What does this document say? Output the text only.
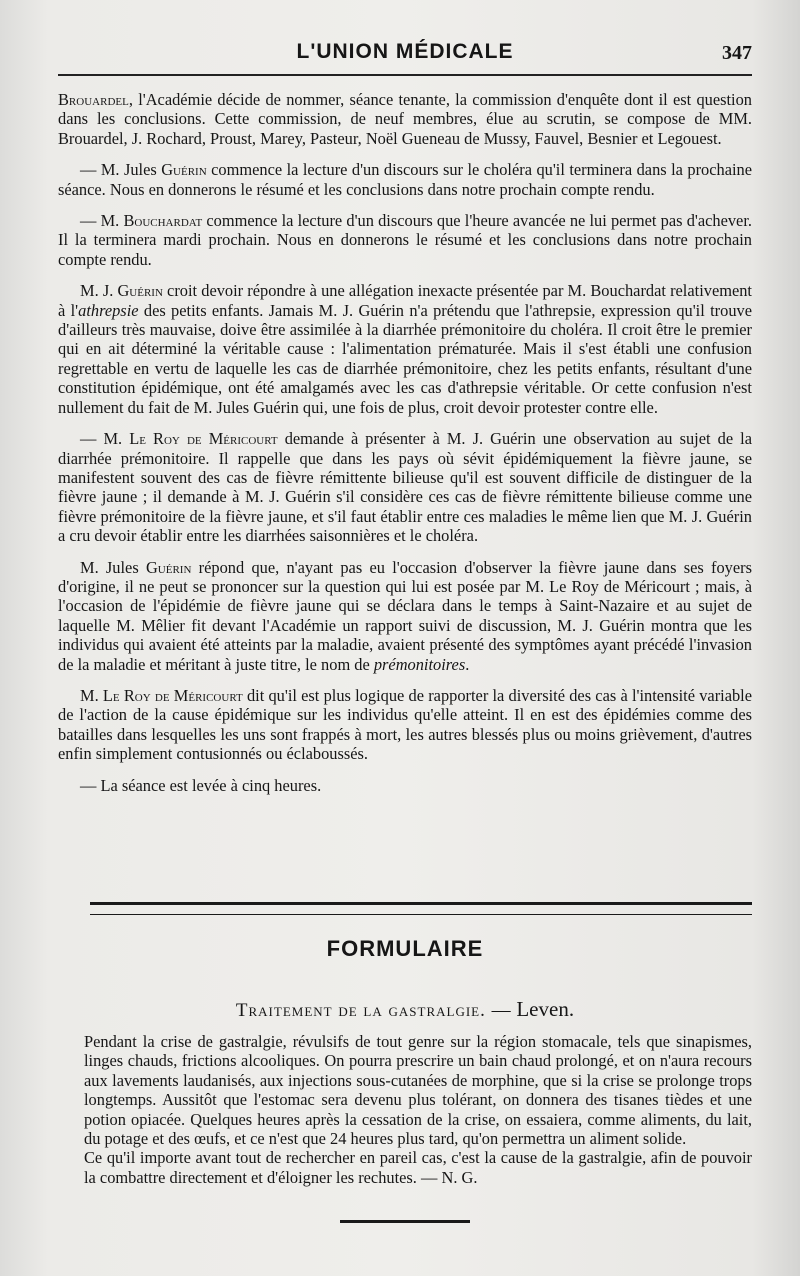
L'UNION MÉDICALE	347

Brouardel, l'Académie décide de nommer, séance tenante, la commission d'enquête dont il est question dans les conclusions. Cette commission, de neuf membres, élue au scrutin, se compose de MM. Brouardel, J. Rochard, Proust, Marey, Pasteur, Noël Gueneau de Mussy, Fauvel, Besnier et Legouest.

— M. Jules Guérin commence la lecture d'un discours sur le choléra qu'il terminera dans la prochaine séance. Nous en donnerons le résumé et les conclusions dans notre prochain compte rendu.

— M. Bouchardat commence la lecture d'un discours que l'heure avancée ne lui permet pas d'achever. Il la terminera mardi prochain. Nous en donnerons le résumé et les conclusions dans notre prochain compte rendu.

M. J. Guérin croit devoir répondre à une allégation inexacte présentée par M. Bouchardat relativement à l'athrepsie des petits enfants. Jamais M. J. Guérin n'a prétendu que l'athrepsie, expression qu'il trouve d'ailleurs très mauvaise, doive être assimilée à la diarrhée prémonitoire du choléra. Il croit être le premier qui en ait déterminé la véritable cause : l'alimentation prématurée. Mais il s'est établi une confusion regrettable en vertu de laquelle les cas de diarrhée prémonitoire, chez les petits enfants, résultant d'une constitution épidémique, ont été amalgamés avec les cas d'athrepsie véritable. Or cette confusion n'est nullement du fait de M. Jules Guérin qui, une fois de plus, croit devoir protester contre elle.

— M. Le Roy de Méricourt demande à présenter à M. J. Guérin une observation au sujet de la diarrhée prémonitoire. Il rappelle que dans les pays où sévit épidémiquement la fièvre jaune, se manifestent souvent des cas de fièvre rémittente bilieuse qu'il est souvent difficile de distinguer de la fièvre jaune ; il demande à M. J. Guérin s'il considère ces cas de fièvre rémittente bilieuse comme une fièvre prémonitoire de la fièvre jaune, et s'il faut établir entre ces maladies le même lien que M. J. Guérin a cru devoir établir entre les diarrhées saisonnières et le choléra.

M. Jules Guérin répond que, n'ayant pas eu l'occasion d'observer la fièvre jaune dans ses foyers d'origine, il ne peut se prononcer sur la question qui lui est posée par M. Le Roy de Méricourt ; mais, à l'occasion de l'épidémie de fièvre jaune qui se déclara dans le temps à Saint-Nazaire et au sujet de laquelle M. Mêlier fit devant l'Académie un rapport suivi de discussion, M. J. Guérin montra que les individus qui avaient été atteints par la maladie, avaient présenté des symptômes ayant précédé l'invasion de la maladie et méritant à juste titre, le nom de prémonitoires.

M. Le Roy de Méricourt dit qu'il est plus logique de rapporter la diversité des cas à l'intensité variable de l'action de la cause épidémique sur les individus qu'elle atteint. Il en est des épidémies comme des batailles dans lesquelles les uns sont frappés à mort, les autres blessés plus ou moins grièvement, d'autres enfin simplement contusionnés ou éclaboussés.

— La séance est levée à cinq heures.

FORMULAIRE
Traitement de la gastralgie. — Leven.

Pendant la crise de gastralgie, révulsifs de tout genre sur la région stomacale, tels que sinapismes, linges chauds, frictions alcooliques. On pourra prescrire un bain chaud prolongé, et on n'aura recours aux lavements laudanisés, aux injections sous-cutanées de morphine, que si la crise se prolonge trops longtemps. Aussitôt que l'estomac sera devenu plus tolérant, on donnera des tisanes tièdes et une potion opiacée. Quelques heures après la cessation de la crise, on essaiera, comme aliments, du lait, du potage et des œufs, et ce n'est que 24 heures plus tard, qu'on permettra un aliment solide.

Ce qu'il importe avant tout de rechercher en pareil cas, c'est la cause de la gastralgie, afin de pouvoir la combattre directement et d'éloigner les rechutes. — N. G.
